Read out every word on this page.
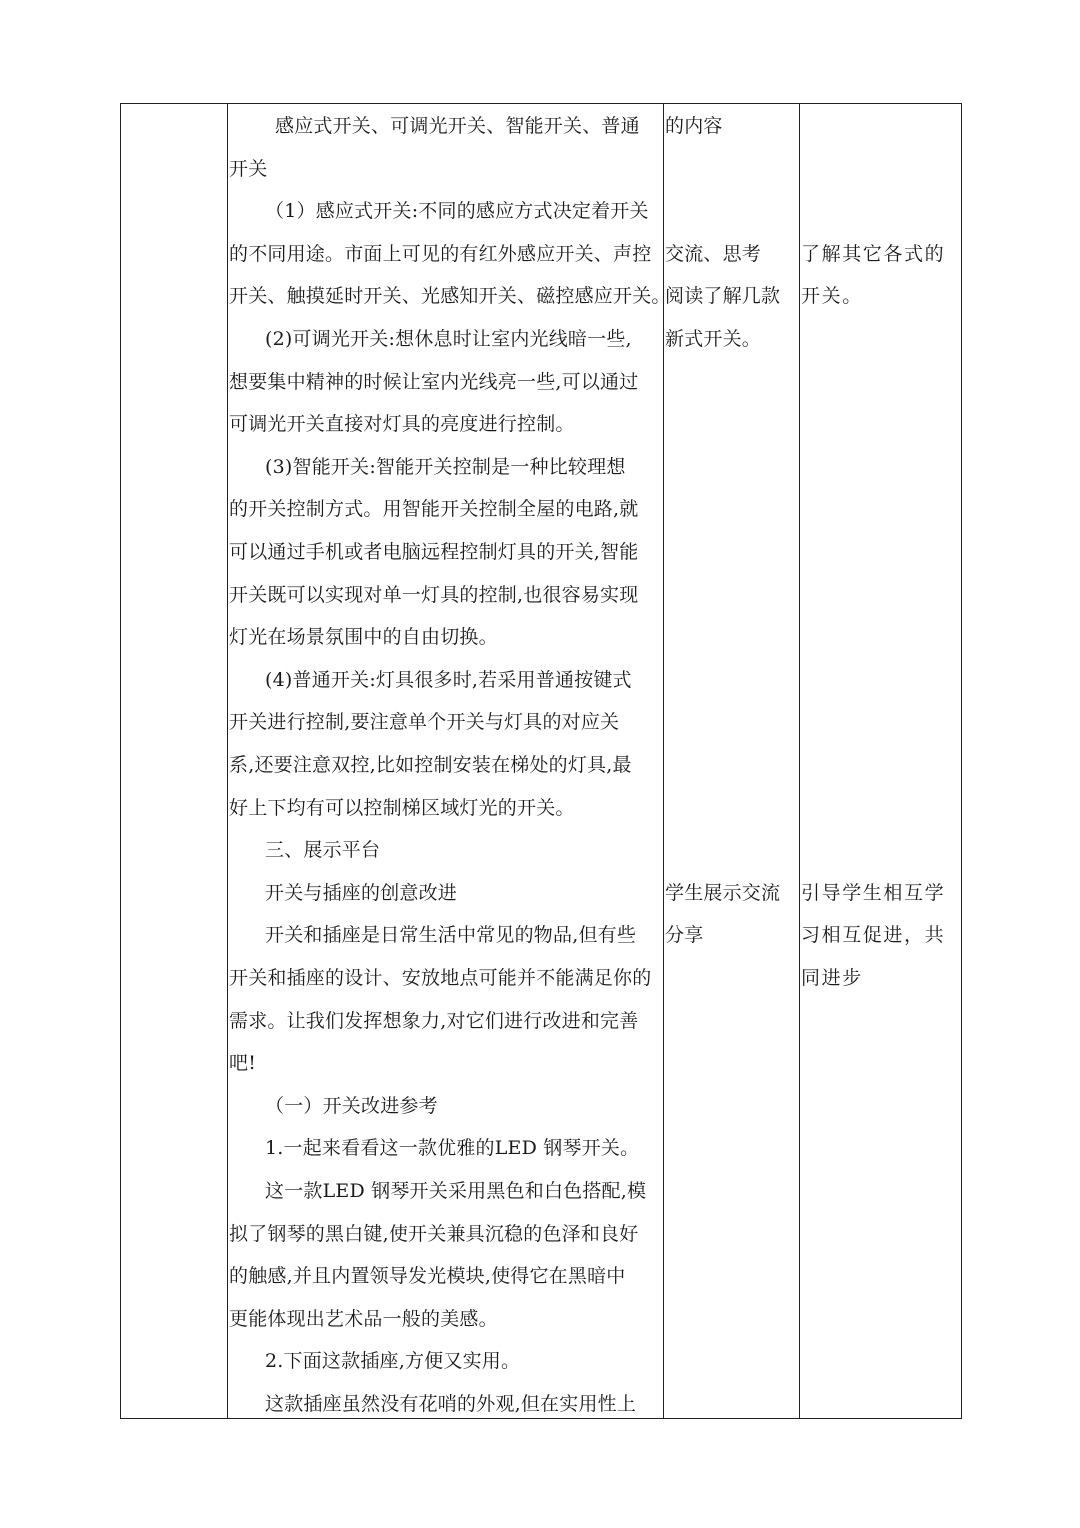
感应式开关、可调光开关、智能开关、普通
开关
（1）感应式开关:不同的感应方式决定着开关
的不同用途。市面上可见的有红外感应开关、声控
开关、触摸延时开关、光感知开关、磁控感应开关。
(2)可调光开关:想休息时让室内光线暗一些,
想要集中精神的时候让室内光线亮一些,可以通过
可调光开关直接对灯具的亮度进行控制。
(3)智能开关:智能开关控制是一种比较理想
的开关控制方式。用智能开关控制全屋的电路,就
可以通过手机或者电脑远程控制灯具的开关,智能
开关既可以实现对单一灯具的控制,也很容易实现
灯光在场景氛围中的自由切换。
(4)普通开关:灯具很多时,若采用普通按键式
开关进行控制,要注意单个开关与灯具的对应关
系,还要注意双控,比如控制安装在梯处的灯具,最
好上下均有可以控制梯区域灯光的开关。
三、展示平台
开关与插座的创意改进
开关和插座是日常生活中常见的物品,但有些
开关和插座的设计、安放地点可能并不能满足你的
需求。让我们发挥想象力,对它们进行改进和完善
吧!
（一）开关改进参考
1.一起来看看这一款优雅的LED 钢琴开关。
这一款LED 钢琴开关采用黑色和白色搭配,模
拟了钢琴的黑白键,使开关兼具沉稳的色泽和良好
的触感,并且内置领导发光模块,使得它在黑暗中
更能体现出艺术品一般的美感。
2.下面这款插座,方便又实用。
这款插座虽然没有花哨的外观,但在实用性上
的内容
交流、思考
阅读了解几款
新式开关。
学生展示交流
分享
了解其它各式的
开关。
引导学生相互学
习相互促进，共
同进步
